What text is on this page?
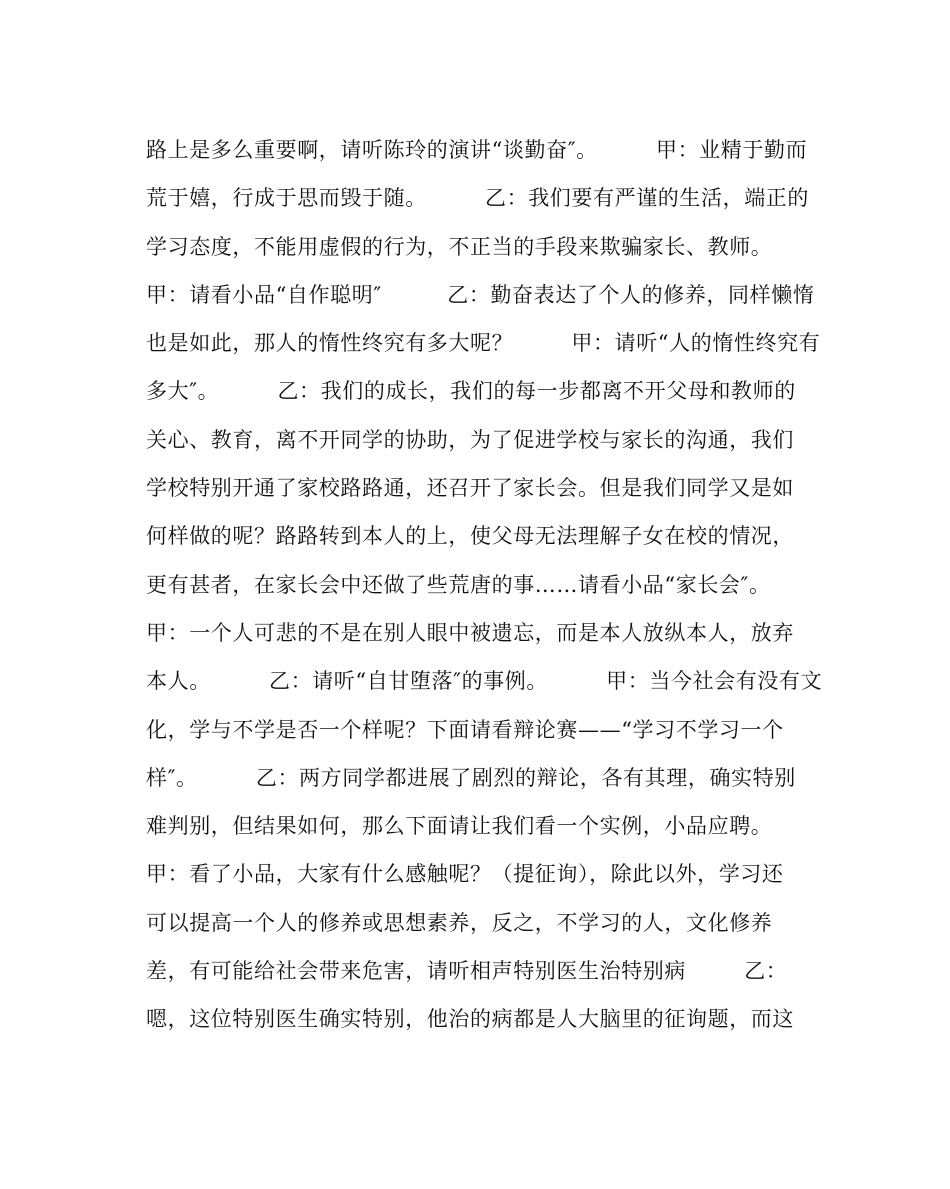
路上是多么重要啊，请听陈玲的演讲“谈勤奋″。        甲：业精于勤而
荒于嬉，行成于思而毁于随。        乙：我们要有严谨的生活，端正的
学习态度，不能用虚假的行为，不正当的手段来欺骗家长、教师。
甲：请看小品“自作聪明″         乙：勤奋表达了个人的修养，同样懒惰
也是如此，那人的惰性终究有多大呢？        甲：请听“人的惰性终究有
多大″。        乙：我们的成长，我们的每一步都离不开父母和教师的
关心、教育，离不开同学的协助，为了促进学校与家长的沟通，我们
学校特别开通了家校路路通，还召开了家长会。但是我们同学又是如
何样做的呢？路路转到本人的上，使父母无法理解子女在校的情况，
更有甚者，在家长会中还做了些荒唐的事……请看小品“家长会″。
甲：一个人可悲的不是在别人眼中被遗忘，而是本人放纵本人，放弃
本人。        乙：请听“自甘堕落″的事例。        甲：当今社会有没有文
化，学与不学是否一个样呢？下面请看辩论赛——“学习不学习一个
样″。        乙：两方同学都进展了剧烈的辩论，各有其理，确实特别
难判别，但结果如何，那么下面请让我们看一个实例，小品应聘。
甲：看了小品，大家有什么感触呢？（提征询），除此以外，学习还
可以提高一个人的修养或思想素养，反之，不学习的人，文化修养
差，有可能给社会带来危害，请听相声特别医生治特别病        乙：
嗯，这位特别医生确实特别，他治的病都是人大脑里的征询题，而这
